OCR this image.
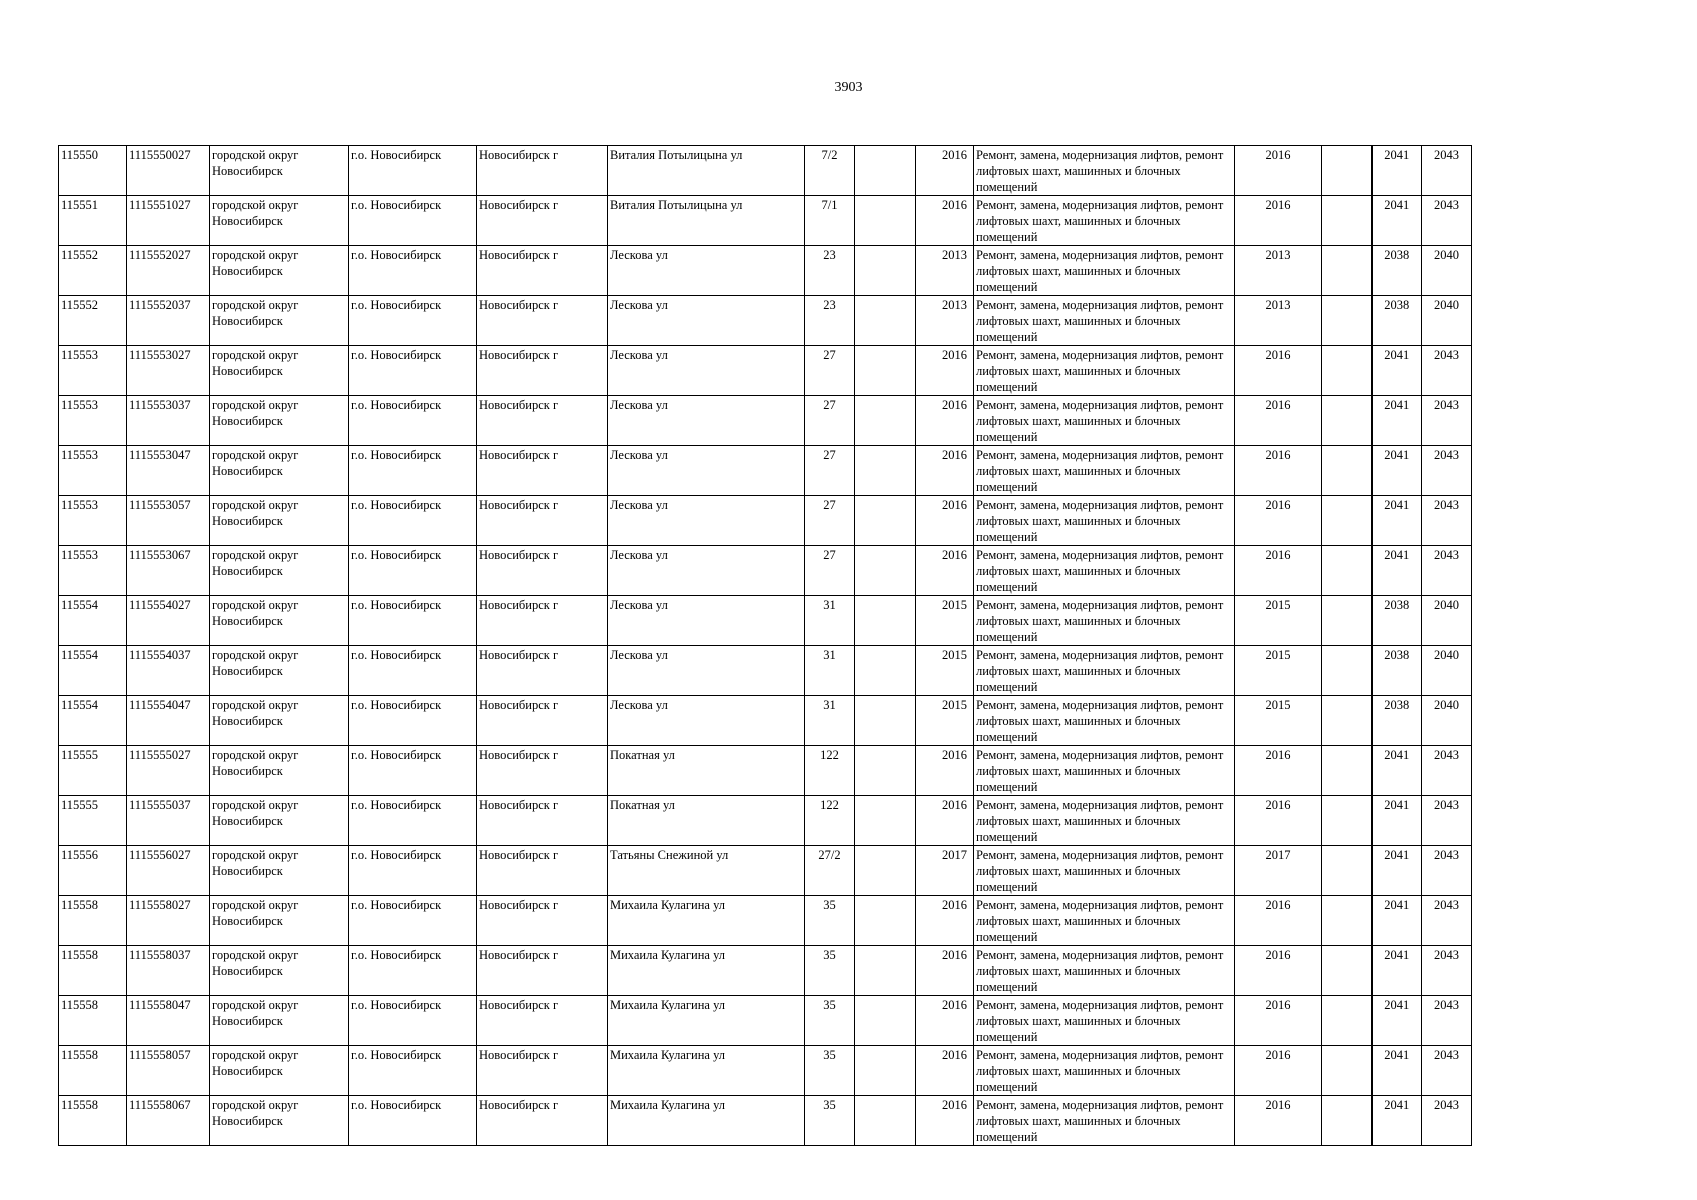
3903
115550	1115550027	городской округ Новосибирск	г.о. Новосибирск	Новосибирск г	Виталия Потылицына ул	7/2		2016	Ремонт, замена, модернизация лифтов, ремонт лифтовых шахт, машинных и блочных помещений	2016		2041	2043
115551	1115551027	городской округ Новосибирск	г.о. Новосибирск	Новосибирск г	Виталия Потылицына ул	7/1		2016	Ремонт, замена, модернизация лифтов, ремонт лифтовых шахт, машинных и блочных помещений	2016		2041	2043
115552	1115552027	городской округ Новосибирск	г.о. Новосибирск	Новосибирск г	Лескова ул	23		2013	Ремонт, замена, модернизация лифтов, ремонт лифтовых шахт, машинных и блочных помещений	2013		2038	2040
115552	1115552037	городской округ Новосибирск	г.о. Новосибирск	Новосибирск г	Лескова ул	23		2013	Ремонт, замена, модернизация лифтов, ремонт лифтовых шахт, машинных и блочных помещений	2013		2038	2040
115553	1115553027	городской округ Новосибирск	г.о. Новосибирск	Новосибирск г	Лескова ул	27		2016	Ремонт, замена, модернизация лифтов, ремонт лифтовых шахт, машинных и блочных помещений	2016		2041	2043
115553	1115553037	городской округ Новосибирск	г.о. Новосибирск	Новосибирск г	Лескова ул	27		2016	Ремонт, замена, модернизация лифтов, ремонт лифтовых шахт, машинных и блочных помещений	2016		2041	2043
115553	1115553047	городской округ Новосибирск	г.о. Новосибирск	Новосибирск г	Лескова ул	27		2016	Ремонт, замена, модернизация лифтов, ремонт лифтовых шахт, машинных и блочных помещений	2016		2041	2043
115553	1115553057	городской округ Новосибирск	г.о. Новосибирск	Новосибирск г	Лескова ул	27		2016	Ремонт, замена, модернизация лифтов, ремонт лифтовых шахт, машинных и блочных помещений	2016		2041	2043
115553	1115553067	городской округ Новосибирск	г.о. Новосибирск	Новосибирск г	Лескова ул	27		2016	Ремонт, замена, модернизация лифтов, ремонт лифтовых шахт, машинных и блочных помещений	2016		2041	2043
115554	1115554027	городской округ Новосибирск	г.о. Новосибирск	Новосибирск г	Лескова ул	31		2015	Ремонт, замена, модернизация лифтов, ремонт лифтовых шахт, машинных и блочных помещений	2015		2038	2040
115554	1115554037	городской округ Новосибирск	г.о. Новосибирск	Новосибирск г	Лескова ул	31		2015	Ремонт, замена, модернизация лифтов, ремонт лифтовых шахт, машинных и блочных помещений	2015		2038	2040
115554	1115554047	городской округ Новосибирск	г.о. Новосибирск	Новосибирск г	Лескова ул	31		2015	Ремонт, замена, модернизация лифтов, ремонт лифтовых шахт, машинных и блочных помещений	2015		2038	2040
115555	1115555027	городской округ Новосибирск	г.о. Новосибирск	Новосибирск г	Покатная ул	122		2016	Ремонт, замена, модернизация лифтов, ремонт лифтовых шахт, машинных и блочных помещений	2016		2041	2043
115555	1115555037	городской округ Новосибирск	г.о. Новосибирск	Новосибирск г	Покатная ул	122		2016	Ремонт, замена, модернизация лифтов, ремонт лифтовых шахт, машинных и блочных помещений	2016		2041	2043
115556	1115556027	городской округ Новосибирск	г.о. Новосибирск	Новосибирск г	Татьяны Снежиной ул	27/2		2017	Ремонт, замена, модернизация лифтов, ремонт лифтовых шахт, машинных и блочных помещений	2017		2041	2043
115558	1115558027	городской округ Новосибирск	г.о. Новосибирск	Новосибирск г	Михаила Кулагина ул	35		2016	Ремонт, замена, модернизация лифтов, ремонт лифтовых шахт, машинных и блочных помещений	2016		2041	2043
115558	1115558037	городской округ Новосибирск	г.о. Новосибирск	Новосибирск г	Михаила Кулагина ул	35		2016	Ремонт, замена, модернизация лифтов, ремонт лифтовых шахт, машинных и блочных помещений	2016		2041	2043
115558	1115558047	городской округ Новосибирск	г.о. Новосибирск	Новосибирск г	Михаила Кулагина ул	35		2016	Ремонт, замена, модернизация лифтов, ремонт лифтовых шахт, машинных и блочных помещений	2016		2041	2043
115558	1115558057	городской округ Новосибирск	г.о. Новосибирск	Новосибирск г	Михаила Кулагина ул	35		2016	Ремонт, замена, модернизация лифтов, ремонт лифтовых шахт, машинных и блочных помещений	2016		2041	2043
115558	1115558067	городской округ Новосибирск	г.о. Новосибирск	Новосибирск г	Михаила Кулагина ул	35		2016	Ремонт, замена, модернизация лифтов, ремонт лифтовых шахт, машинных и блочных помещений	2016		2041	2043
